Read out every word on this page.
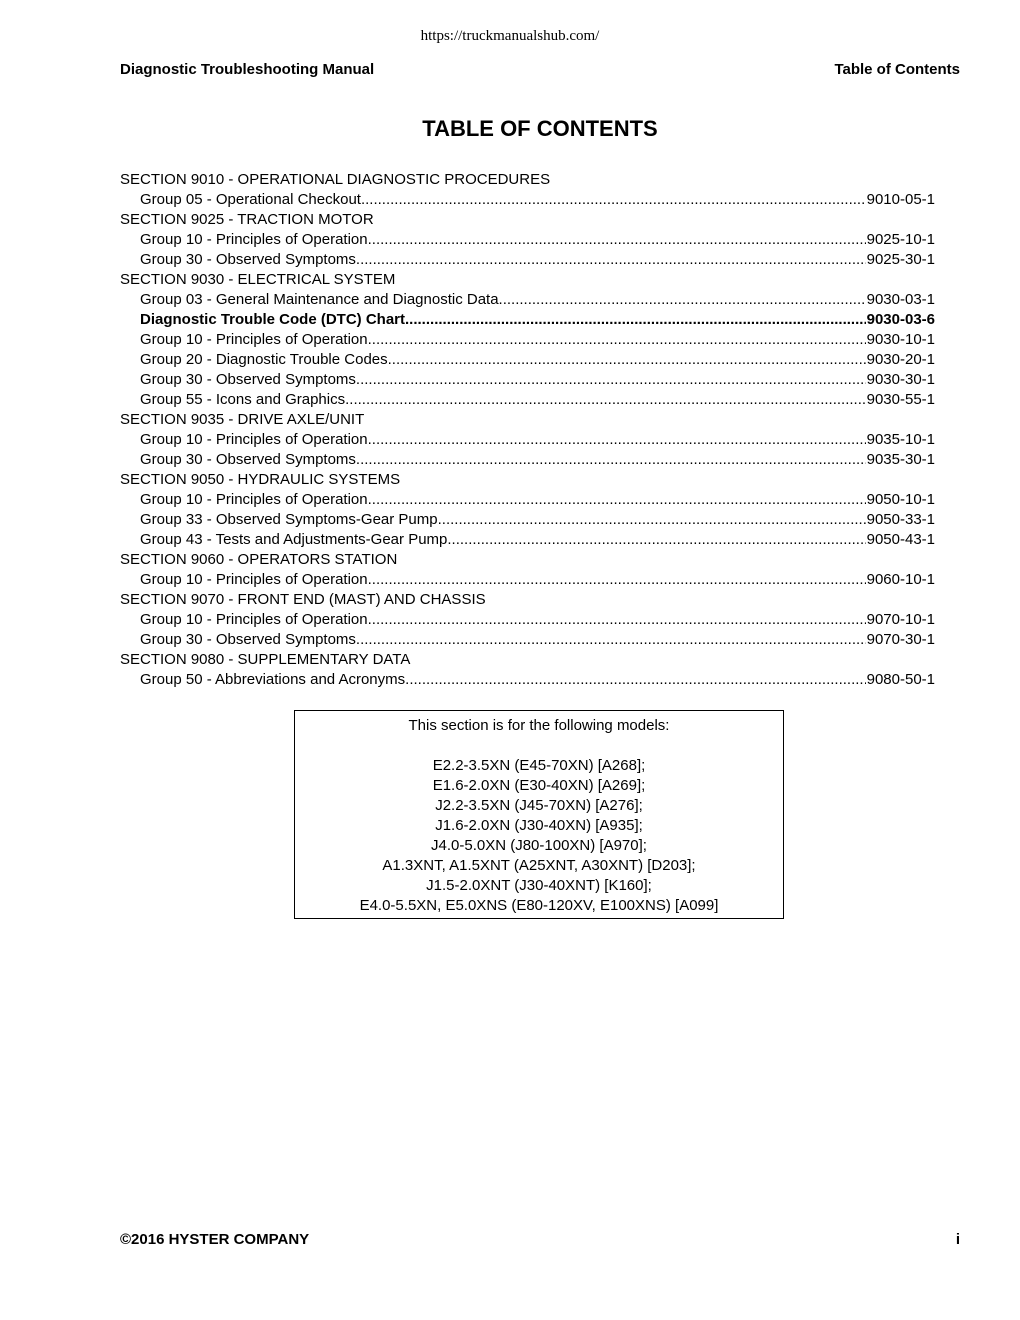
https://truckmanualshub.com/
Diagnostic Troubleshooting Manual	Table of Contents
TABLE OF CONTENTS
SECTION 9010 - OPERATIONAL DIAGNOSTIC PROCEDURES
Group 05 - Operational Checkout .....	9010-05-1
SECTION 9025 - TRACTION MOTOR
Group 10 - Principles of Operation .....	9025-10-1
Group 30 - Observed Symptoms .....	9025-30-1
SECTION 9030 - ELECTRICAL SYSTEM
Group 03 - General Maintenance and Diagnostic Data .....	9030-03-1
Diagnostic Trouble Code (DTC) Chart .....	9030-03-6
Group 10 - Principles of Operation .....	9030-10-1
Group 20 - Diagnostic Trouble Codes .....	9030-20-1
Group 30 - Observed Symptoms .....	9030-30-1
Group 55 - Icons and Graphics .....	9030-55-1
SECTION 9035 - DRIVE AXLE/UNIT
Group 10 - Principles of Operation .....	9035-10-1
Group 30 - Observed Symptoms .....	9035-30-1
SECTION 9050 - HYDRAULIC SYSTEMS
Group 10 - Principles of Operation .....	9050-10-1
Group 33 - Observed Symptoms-Gear Pump .....	9050-33-1
Group 43 - Tests and Adjustments-Gear Pump .....	9050-43-1
SECTION 9060 - OPERATORS STATION
Group 10 - Principles of Operation .....	9060-10-1
SECTION 9070 - FRONT END (MAST) AND CHASSIS
Group 10 - Principles of Operation .....	9070-10-1
Group 30 - Observed Symptoms .....	9070-30-1
SECTION 9080 - SUPPLEMENTARY DATA
Group 50 - Abbreviations and Acronyms .....	9080-50-1
This section is for the following models:
E2.2-3.5XN (E45-70XN) [A268];
E1.6-2.0XN (E30-40XN) [A269];
J2.2-3.5XN (J45-70XN) [A276];
J1.6-2.0XN (J30-40XN) [A935];
J4.0-5.0XN (J80-100XN) [A970];
A1.3XNT, A1.5XNT (A25XNT, A30XNT) [D203];
J1.5-2.0XNT (J30-40XNT) [K160];
E4.0-5.5XN, E5.0XNS (E80-120XV, E100XNS) [A099]
©2016 HYSTER COMPANY	i
